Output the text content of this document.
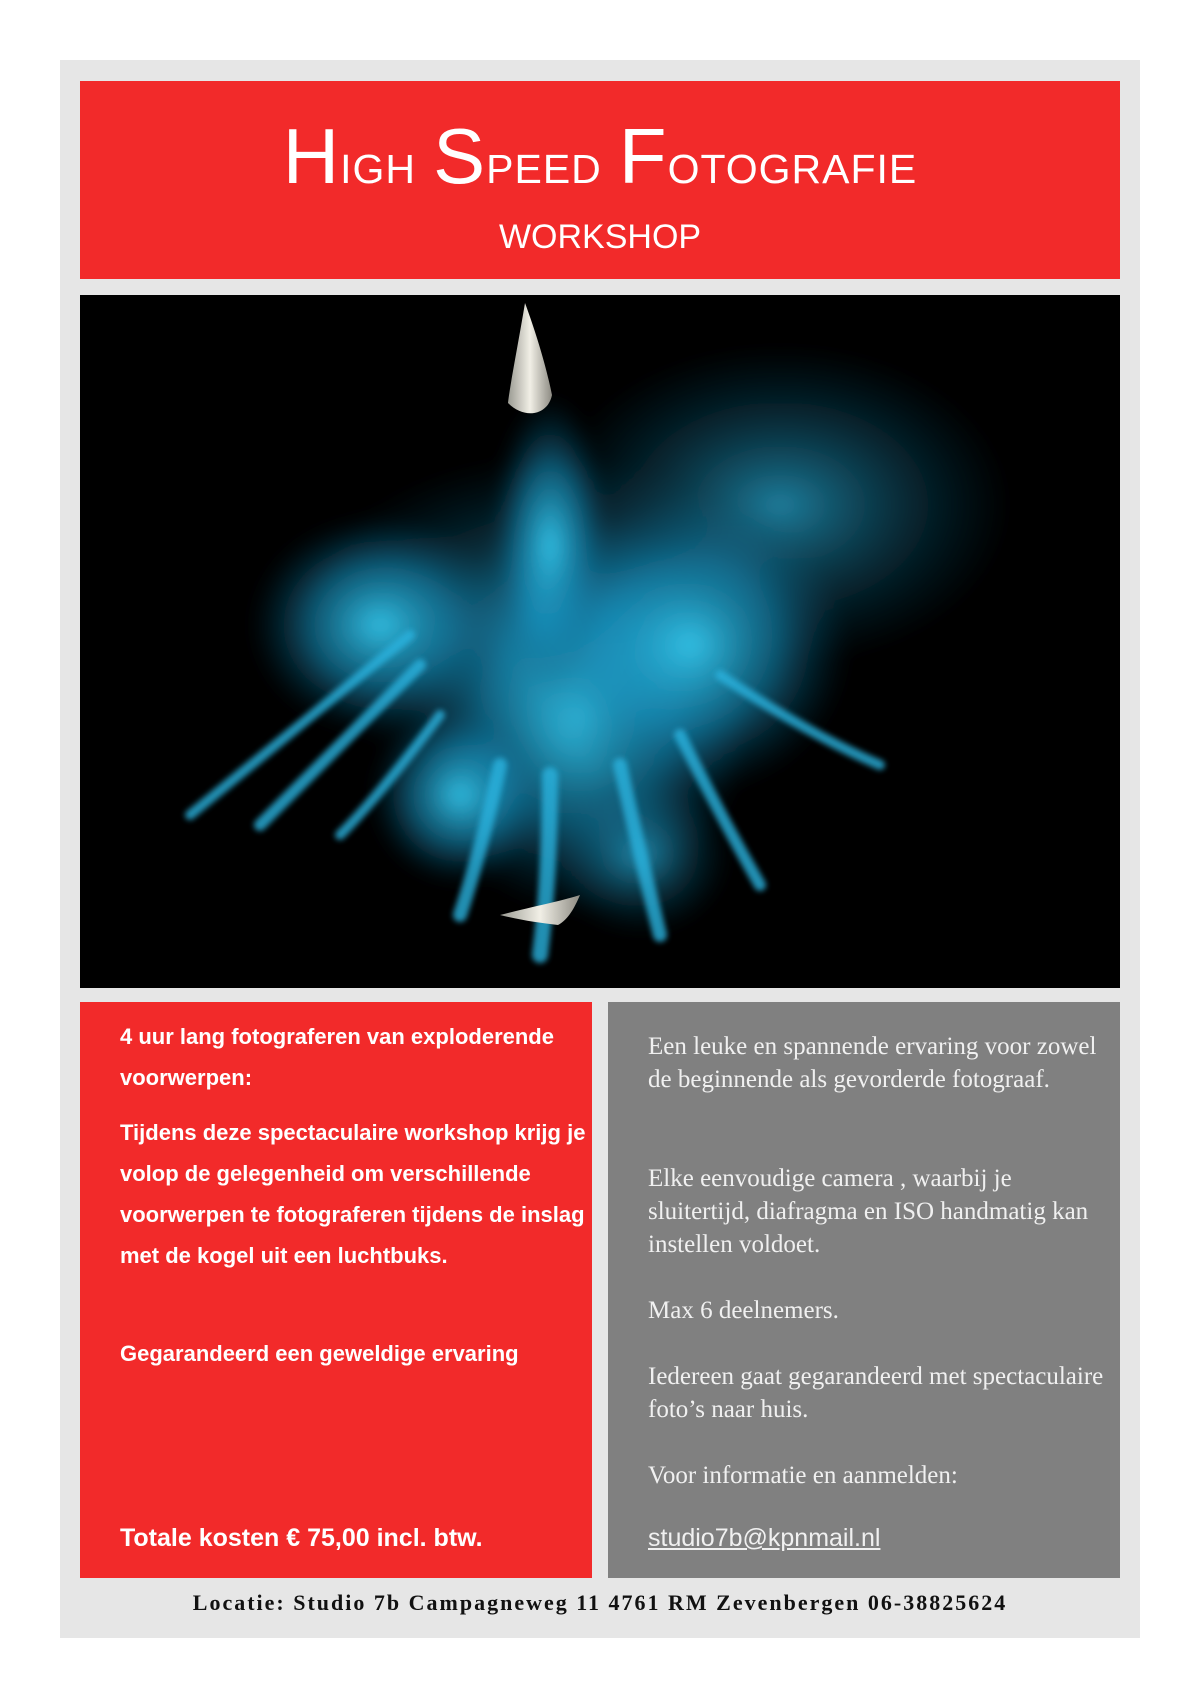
High Speed Fotografie
WORKSHOP

4 uur lang fotograferen van exploderende voorwerpen:

Tijdens deze spectaculaire workshop krijg je volop de gelegenheid om verschillende voorwerpen te fotograferen tijdens de inslag met de kogel uit een luchtbuks.

Gegarandeerd een geweldige ervaring

Totale kosten € 75,00 incl. btw.

Een leuke en spannende ervaring voor zowel de beginnende als gevorderde fotograaf.

Elke eenvoudige camera , waarbij je sluitertijd, diafragma en ISO handmatig kan instellen voldoet.

Max 6 deelnemers.

Iedereen gaat gegarandeerd met spectaculaire foto’s naar huis.

Voor informatie en aanmelden:

studio7b@kpnmail.nl
Locatie: Studio 7b Campagneweg 11 4761 RM Zevenbergen 06-38825624
